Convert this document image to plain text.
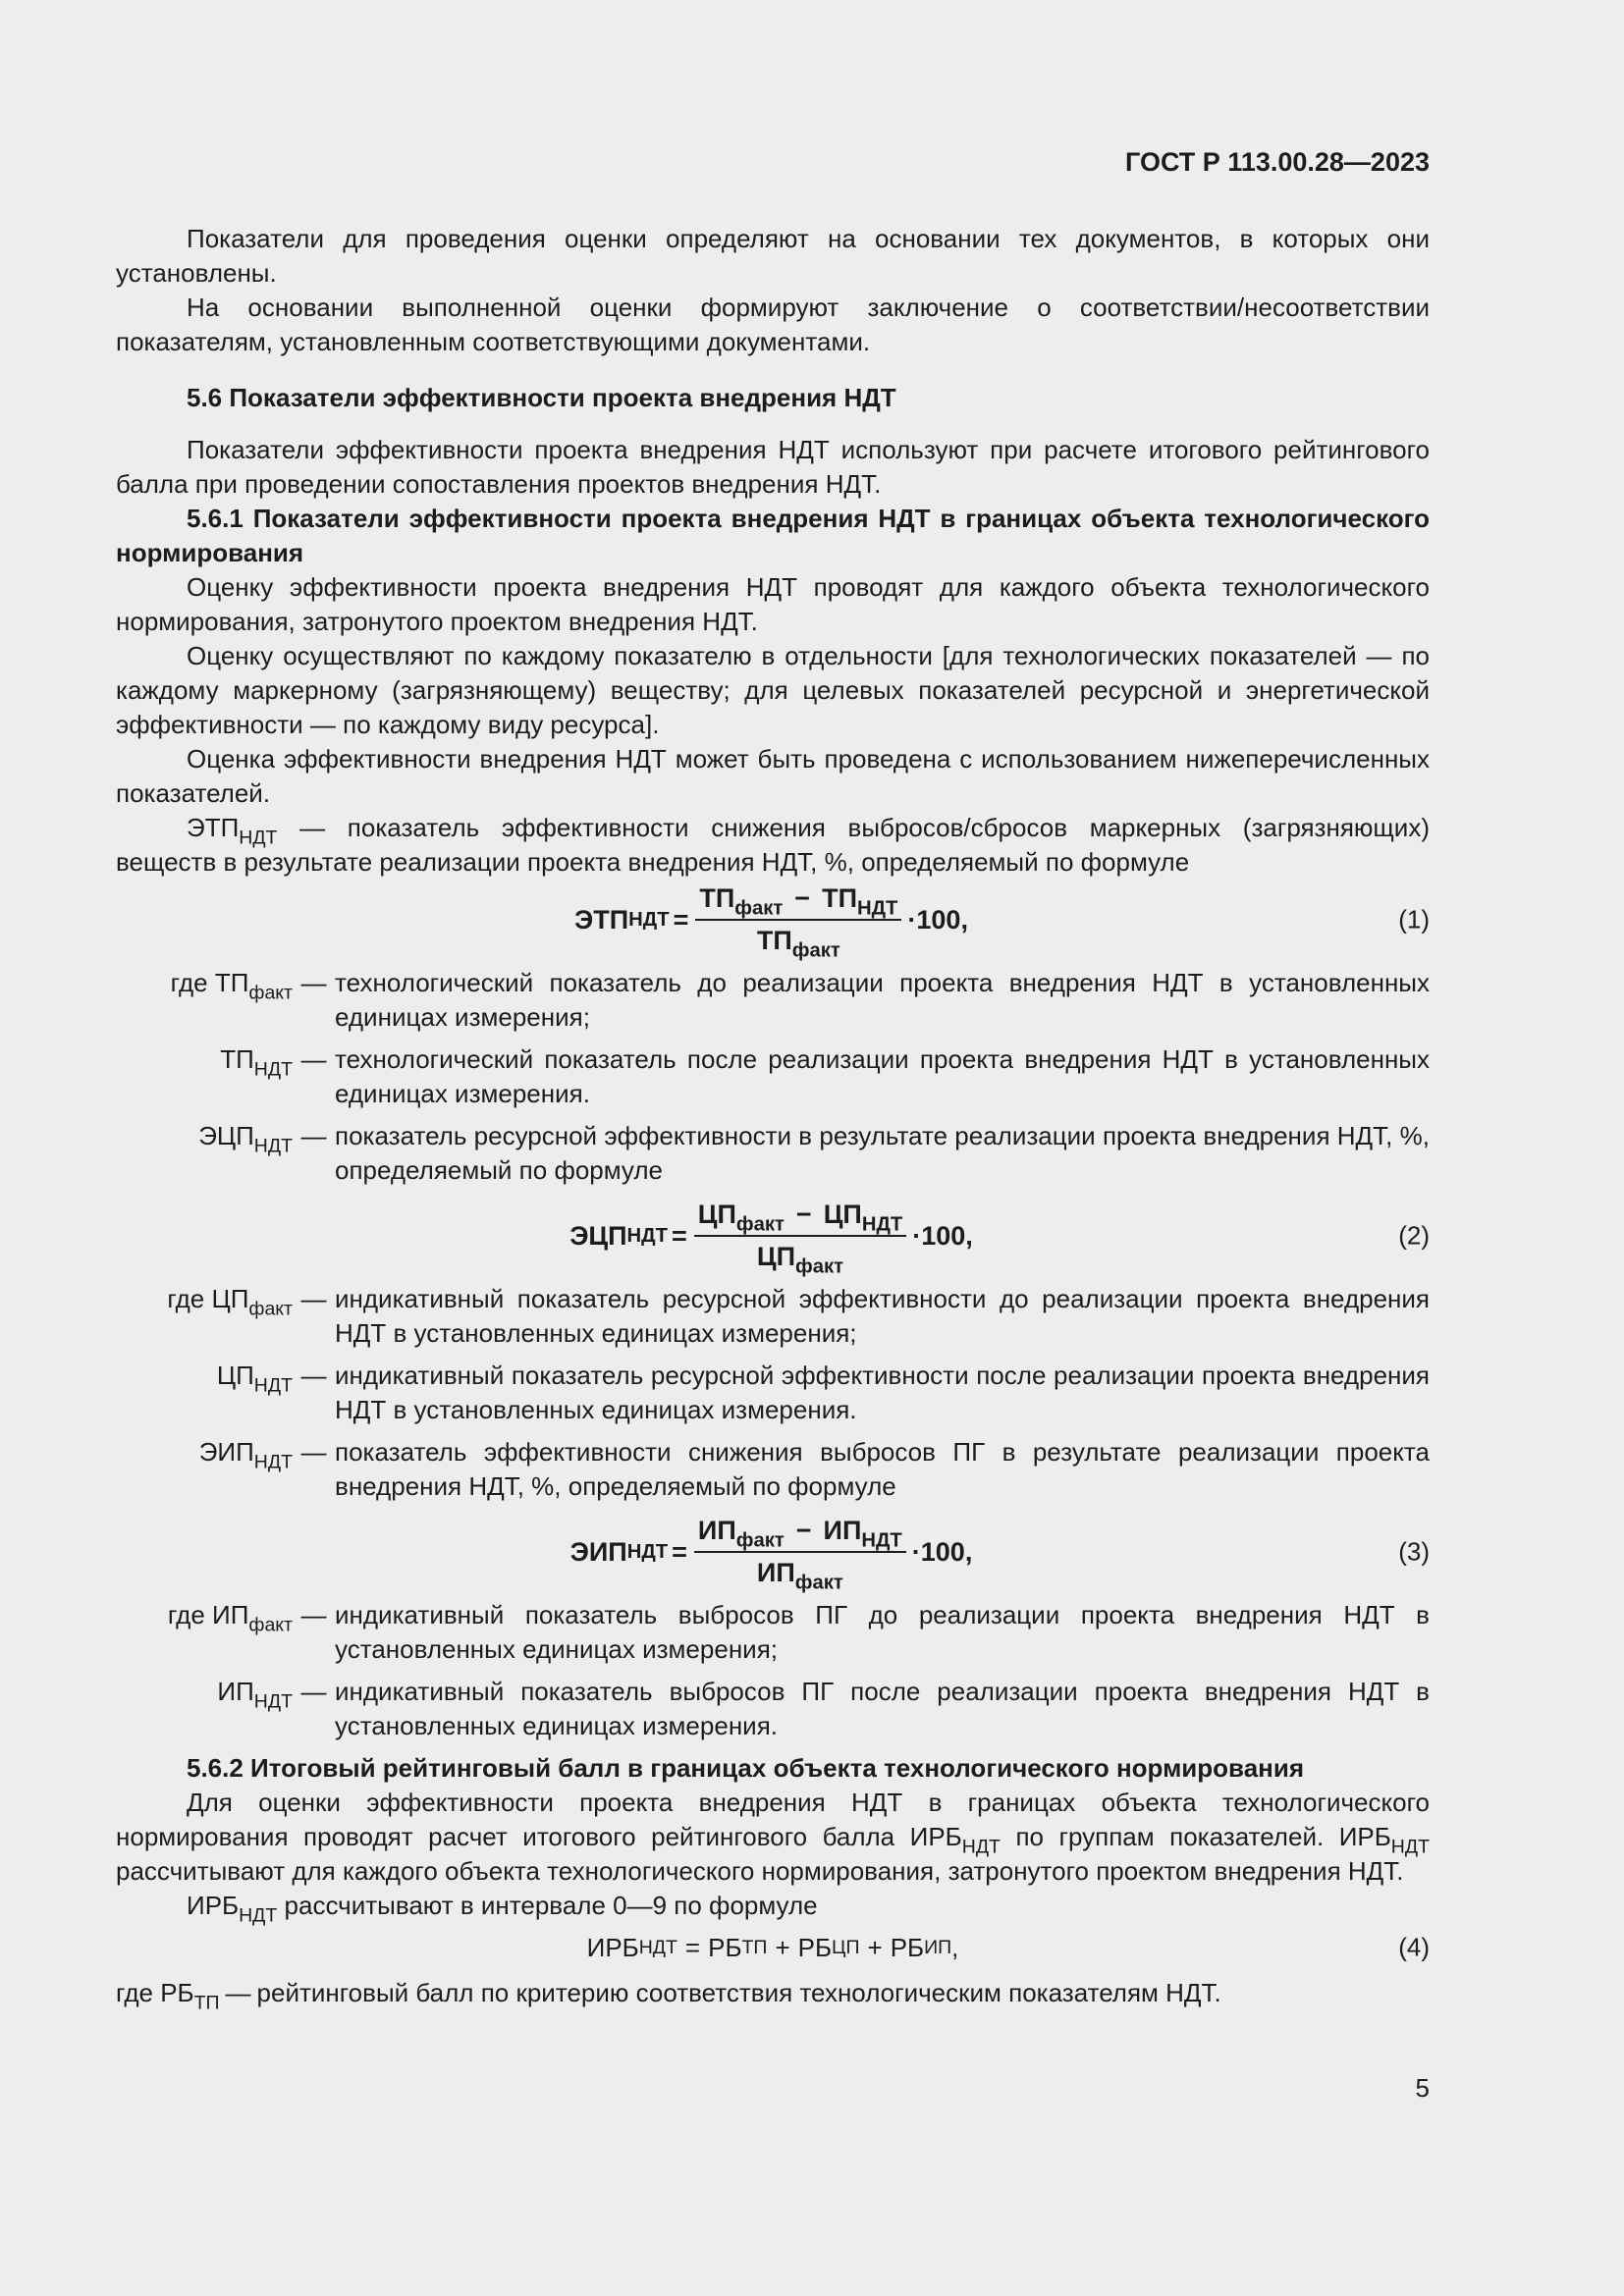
ГОСТ Р 113.00.28—2023

Показатели для проведения оценки определяют на основании тех документов, в которых они установлены.

На основании выполненной оценки формируют заключение о соответствии/несоответствии показателям, установленным соответствующими документами.

5.6 Показатели эффективности проекта внедрения НДТ

Показатели эффективности проекта внедрения НДТ используют при расчете итогового рейтингового балла при проведении сопоставления проектов внедрения НДТ.

5.6.1 Показатели эффективности проекта внедрения НДТ в границах объекта технологического нормирования

Оценку эффективности проекта внедрения НДТ проводят для каждого объекта технологического нормирования, затронутого проектом внедрения НДТ.

Оценку осуществляют по каждому показателю в отдельности [для технологических показателей — по каждому маркерному (загрязняющему) веществу; для целевых показателей ресурсной и энергетической эффективности — по каждому виду ресурса].

Оценка эффективности внедрения НДТ может быть проведена с использованием нижеперечисленных показателей.

$ЭТП_{НДТ}$ — показатель эффективности снижения выбросов/сбросов маркерных (загрязняющих) веществ в результате реализации проекта внедрения НДТ, %, определяемый по формуле

ЭТП НДТ = $\frac{ТП_{факт} - ТП_{НДТ}}{ТП_{факт}} \cdot 100$,	(1)
где $ТП_{факт}$ — технологический показатель до реализации проекта внедрения НДТ в установленных единицах измерения;
$ТП_{НДТ}$ — технологический показатель после реализации проекта внедрения НДТ в установленных единицах измерения.
$ЭЦП_{НДТ}$ — показатель ресурсной эффективности в результате реализации проекта внедрения НДТ, %, определяемый по формуле
ЭЦП НДТ = $\frac{ЦП_{факт} - ЦП_{НДТ}}{ЦП_{факт}} \cdot 100$,	(2)
где $ЦП_{факт}$ — индикативный показатель ресурсной эффективности до реализации проекта внедрения НДТ в установленных единицах измерения;
$ЦП_{НДТ}$ — индикативный показатель ресурсной эффективности после реализации проекта внедрения НДТ в установленных единицах измерения.
$ЭИП_{НДТ}$ — показатель эффективности снижения выбросов ПГ в результате реализации проекта внедрения НДТ, %, определяемый по формуле
ЭИП НДТ = $\frac{ИП_{факт} - ИП_{НДТ}}{ИП_{факт}} \cdot 100$,	(3)
где $ИП_{факт}$ — индикативный показатель выбросов ПГ до реализации проекта внедрения НДТ в установленных единицах измерения;
$ИП_{НДТ}$ — индикативный показатель выбросов ПГ после реализации проекта внедрения НДТ в установленных единицах измерения.

5.6.2 Итоговый рейтинговый балл в границах объекта технологического нормирования

Для оценки эффективности проекта внедрения НДТ в границах объекта технологического нормирования проводят расчет итогового рейтингового балла $ИРБ_{НДТ}$ по группам показателей. $ИРБ_{НДТ}$ рассчитывают для каждого объекта технологического нормирования, затронутого проектом внедрения НДТ.

$ИРБ_{НДТ}$ рассчитывают в интервале 0—9 по формуле

ИРБ НДТ = РБ ТП + РБ ЦП + РБ ИП ,	(4)
где $РБ_{ТП}$ — рейтинговый балл по критерию соответствия технологическим показателям НДТ.
5
